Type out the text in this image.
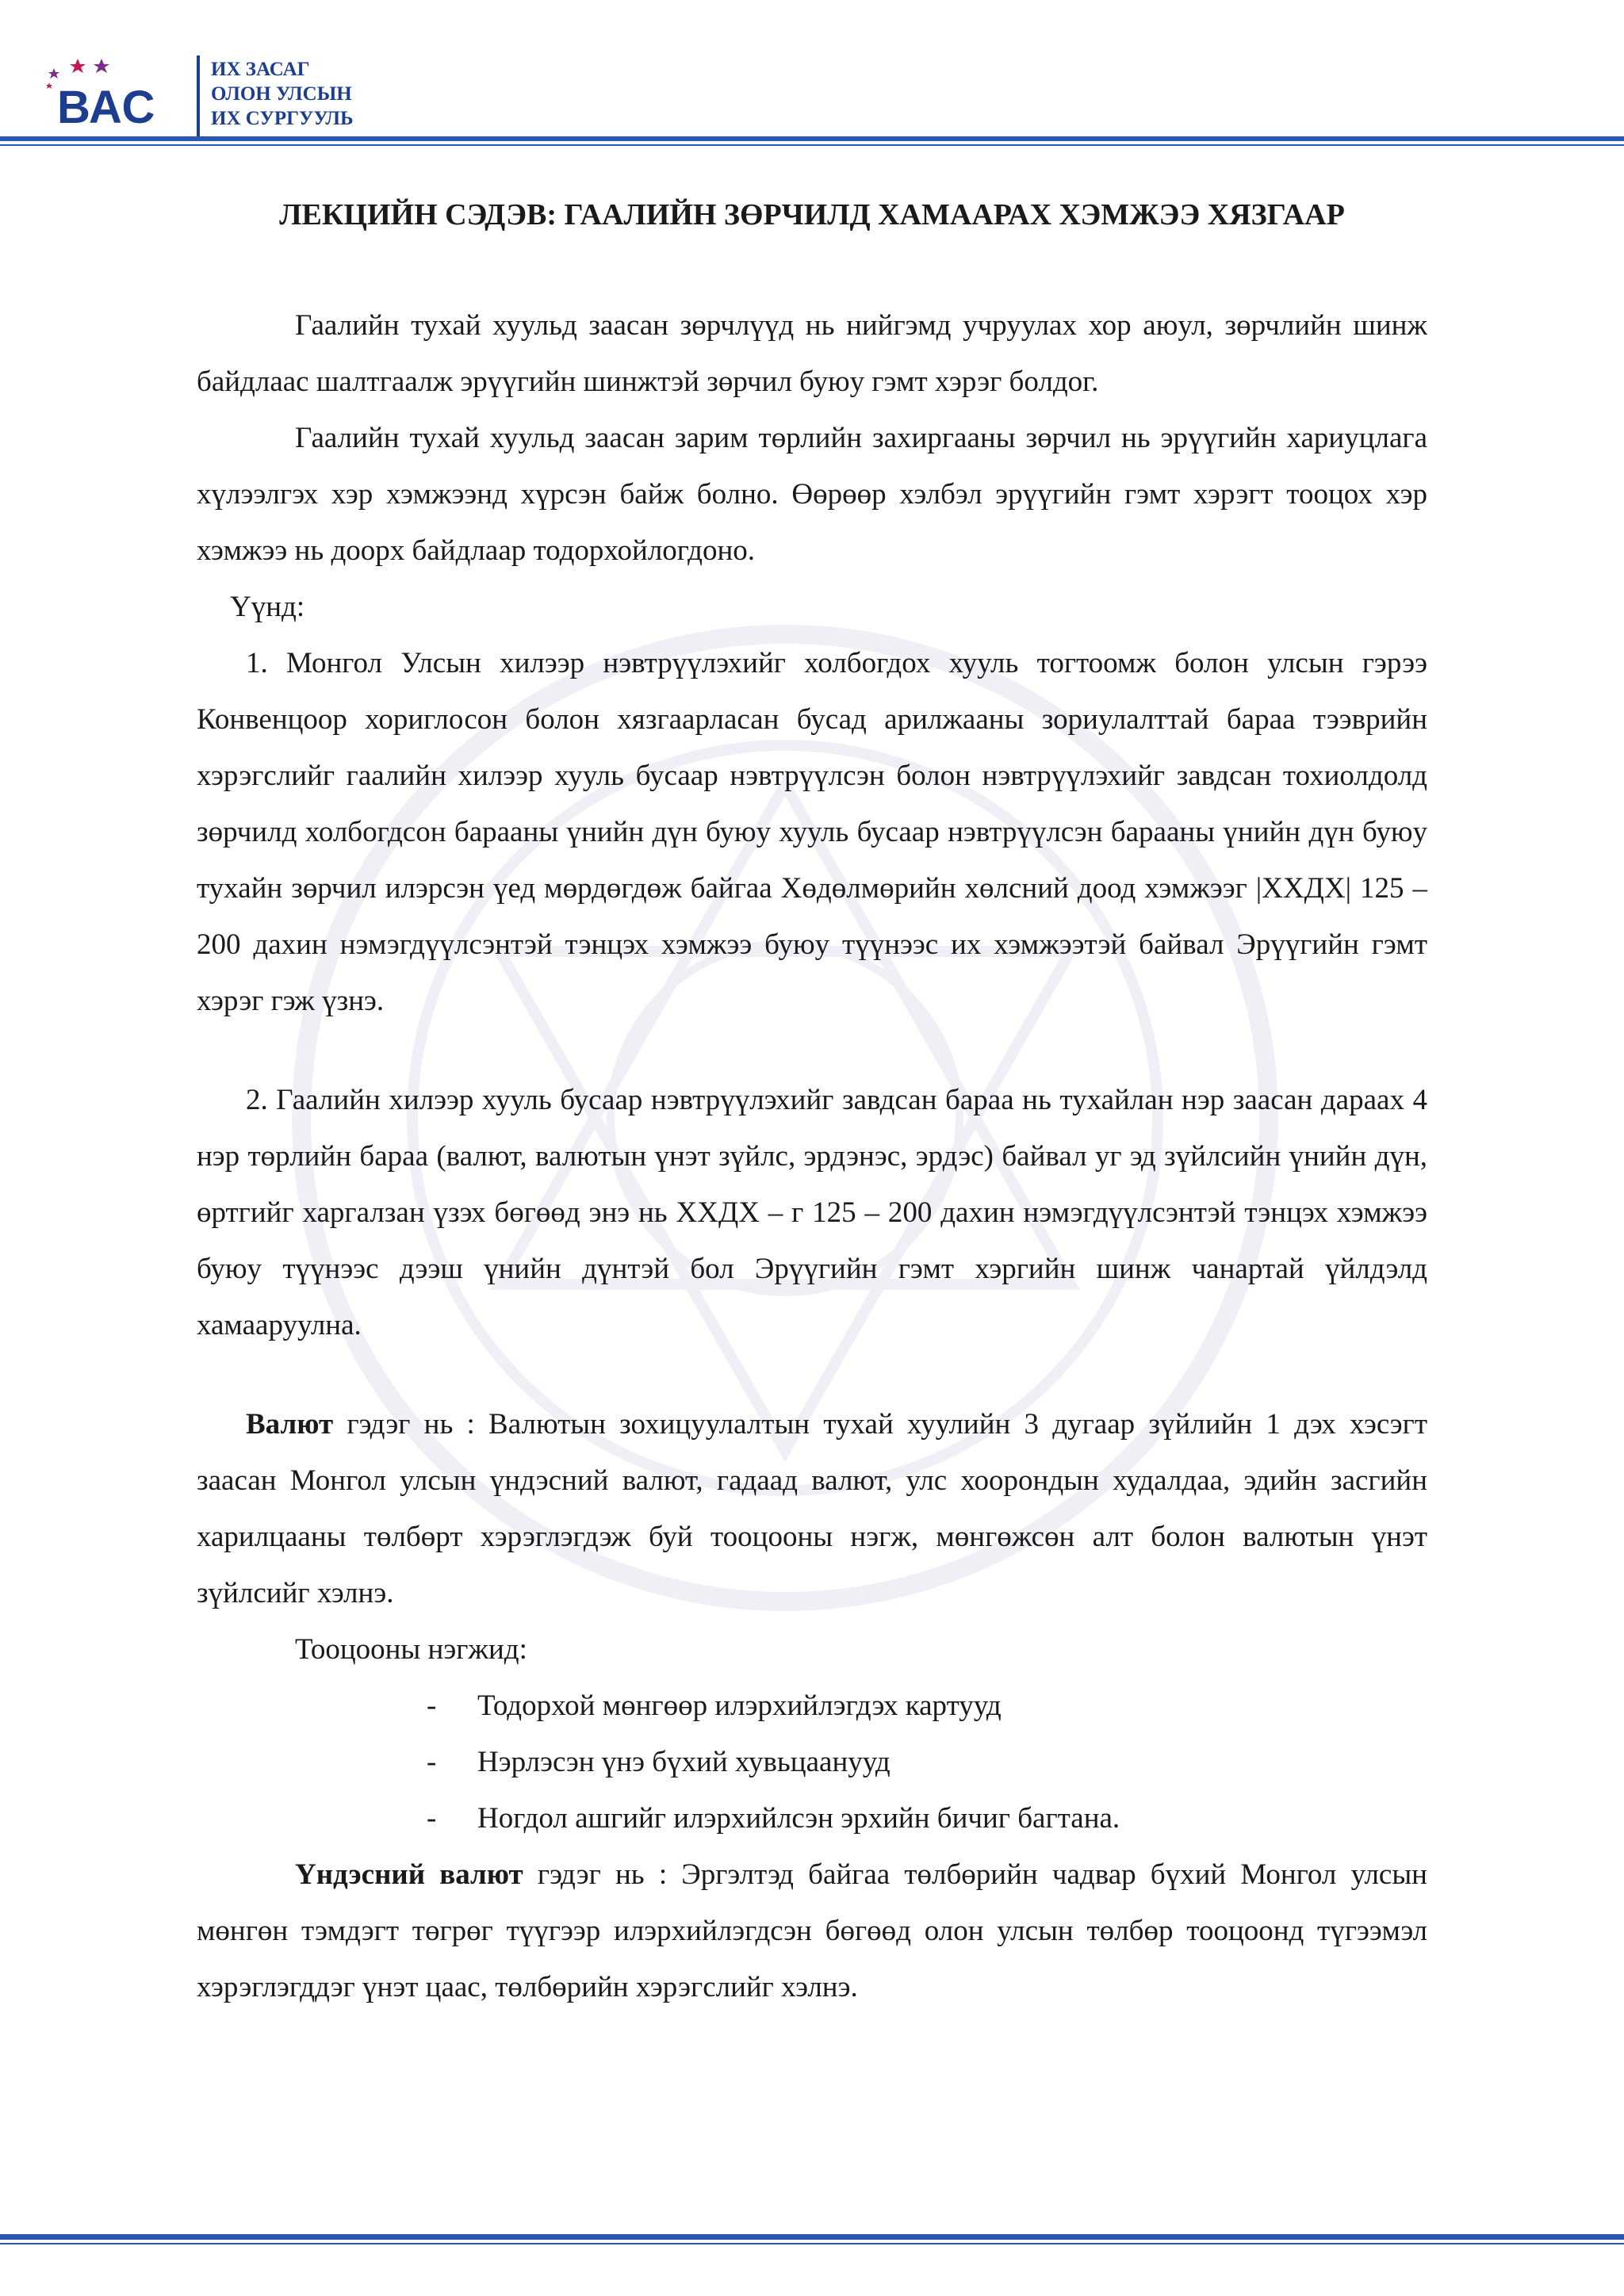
ВАС
ИХ ЗАСАГ
ОЛОН УЛСЫН
ИХ СУРГУУЛЬ
ЛЕКЦИЙН СЭДЭВ: ГААЛИЙН ЗӨРЧИЛД ХАМААРАХ ХЭМЖЭЭ ХЯЗГААР

Гаалийн тухай хуульд заасан зөрчлүүд нь нийгэмд учруулах хор аюул, зөрчлийн шинж байдлаас шалтгаалж эрүүгийн шинжтэй зөрчил буюу гэмт хэрэг болдог.

Гаалийн тухай хуульд заасан зарим төрлийн захиргааны зөрчил нь эрүүгийн хариуцлага хүлээлгэх хэр хэмжээнд хүрсэн байж болно. Өөрөөр хэлбэл эрүүгийн гэмт хэрэгт тооцох хэр хэмжээ нь доорх байдлаар тодорхойлогдоно.

Үүнд:

1. Монгол Улсын хилээр нэвтрүүлэхийг холбогдох хууль тогтоомж болон улсын гэрээ Конвенцоор хориглосон болон хязгаарласан бусад арилжааны зориулалттай бараа тээврийн хэрэгслийг гаалийн хилээр хууль бусаар нэвтрүүлсэн болон нэвтрүүлэхийг завдсан тохиолдолд зөрчилд холбогдсон барааны үнийн дүн буюу хууль бусаар нэвтрүүлсэн барааны үнийн дүн буюу тухайн зөрчил илэрсэн үед мөрдөгдөж байгаа Хөдөлмөрийн хөлсний доод хэмжээг |ХХДХ| 125 – 200 дахин нэмэгдүүлсэнтэй тэнцэх хэмжээ буюу түүнээс их хэмжээтэй байвал Эрүүгийн гэмт хэрэг гэж үзнэ.

2. Гаалийн хилээр хууль бусаар нэвтрүүлэхийг завдсан бараа нь тухайлан нэр заасан дараах 4 нэр төрлийн бараа (валют, валютын үнэт зүйлс, эрдэнэс, эрдэс) байвал уг эд зүйлсийн үнийн дүн, өртгийг харгалзан үзэх бөгөөд энэ нь ХХДХ – г 125 – 200 дахин нэмэгдүүлсэнтэй тэнцэх хэмжээ буюу түүнээс дээш үнийн дүнтэй бол Эрүүгийн гэмт хэргийн шинж чанартай үйлдэлд хамааруулна.

Валют гэдэг нь : Валютын зохицуулалтын тухай хуулийн 3 дугаар зүйлийн 1 дэх хэсэгт заасан Монгол улсын үндэсний валют, гадаад валют, улс хоорондын худалдаа, эдийн засгийн харилцааны төлбөрт хэрэглэгдэж буй тооцооны нэгж, мөнгөжсөн алт болон валютын үнэт зүйлсийг хэлнэ.

Тооцооны нэгжид:

- Тодорхой мөнгөөр илэрхийлэгдэх картууд
- Нэрлэсэн үнэ бүхий хувьцаанууд
- Ногдол ашгийг илэрхийлсэн эрхийн бичиг багтана.

Үндэсний валют гэдэг нь : Эргэлтэд байгаа төлбөрийн чадвар бүхий Монгол улсын мөнгөн тэмдэгт төгрөг түүгээр илэрхийлэгдсэн бөгөөд олон улсын төлбөр тооцоонд түгээмэл хэрэглэгддэг үнэт цаас, төлбөрийн хэрэгслийг хэлнэ.
